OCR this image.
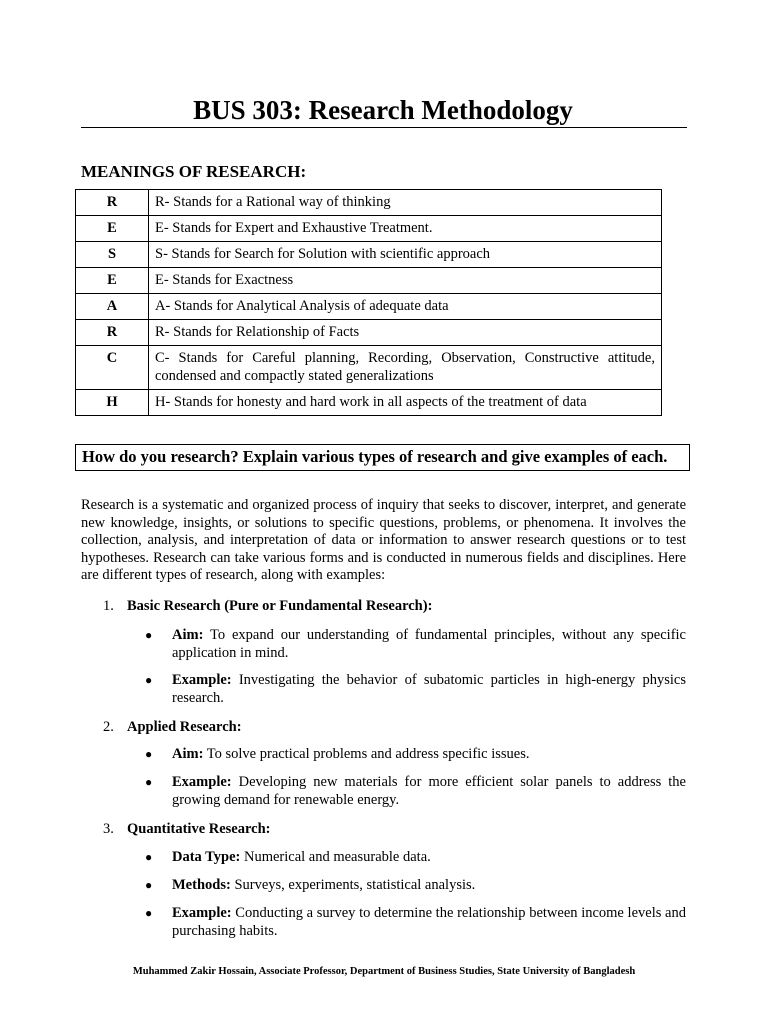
BUS 303: Research Methodology
MEANINGS OF RESEARCH:
R	R- Stands for a Rational way of thinking
E	E- Stands for Expert and Exhaustive Treatment.
S	S- Stands for Search for Solution with scientific approach
E	E- Stands for Exactness
A	A- Stands for Analytical Analysis of adequate data
R	R- Stands for Relationship of Facts
C	C- Stands for Careful planning, Recording, Observation, Constructive attitude, condensed and compactly stated generalizations
H	H- Stands for honesty and hard work in all aspects of the treatment of data
How do you research? Explain various types of research and give examples of each.
Research is a systematic and organized process of inquiry that seeks to discover, interpret, and generate new knowledge, insights, or solutions to specific questions, problems, or phenomena. It involves the collection, analysis, and interpretation of data or information to answer research questions or to test hypotheses. Research can take various forms and is conducted in numerous fields and disciplines. Here are different types of research, along with examples:
1. Basic Research (Pure or Fundamental Research):
●	Aim: To expand our understanding of fundamental principles, without any specific application in mind.
●	Example: Investigating the behavior of subatomic particles in high-energy physics research.
2. Applied Research:
●	Aim: To solve practical problems and address specific issues.
●	Example: Developing new materials for more efficient solar panels to address the growing demand for renewable energy.
3. Quantitative Research:
●	Data Type: Numerical and measurable data.
●	Methods: Surveys, experiments, statistical analysis.
●	Example: Conducting a survey to determine the relationship between income levels and purchasing habits.
Muhammed Zakir Hossain, Associate Professor, Department of Business Studies, State University of Bangladesh
